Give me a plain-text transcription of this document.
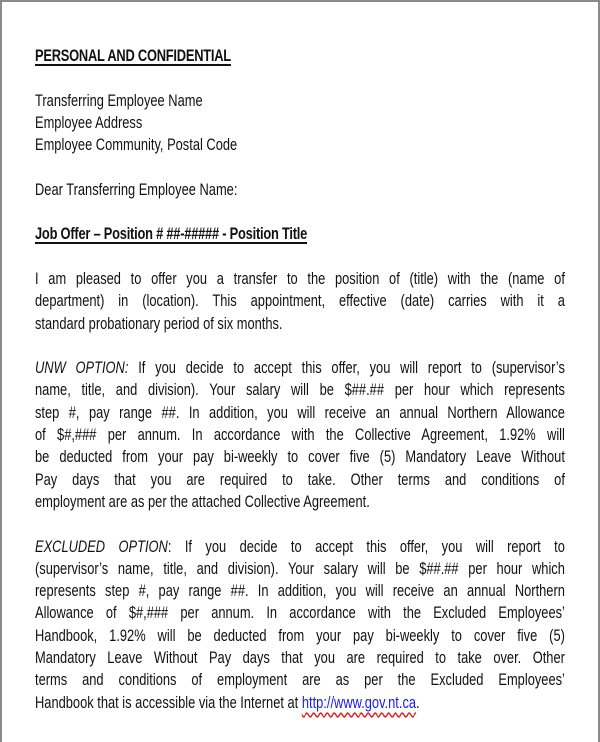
PERSONAL AND CONFIDENTIAL
Transferring Employee Name
Employee Address
Employee Community, Postal Code
Dear Transferring Employee Name:
Job Offer – Position # ##-##### - Position Title
I am pleased to offer you a transfer to the position of (title) with the (name of
department) in (location). This appointment, effective (date) carries with it a
standard probationary period of six months.
UNW OPTION: If you decide to accept this offer, you will report to (supervisor’s
name, title, and division). Your salary will be $##.## per hour which represents
step #, pay range ##. In addition, you will receive an annual Northern Allowance
of $#,### per annum. In accordance with the Collective Agreement, 1.92% will
be deducted from your pay bi-weekly to cover five (5) Mandatory Leave Without
Pay days that you are required to take. Other terms and conditions of
employment are as per the attached Collective Agreement.
EXCLUDED OPTION: If you decide to accept this offer, you will report to
(supervisor’s name, title, and division). Your salary will be $##.## per hour which
represents step #, pay range ##. In addition, you will receive an annual Northern
Allowance of $#,### per annum. In accordance with the Excluded Employees’
Handbook, 1.92% will be deducted from your pay bi-weekly to cover five (5)
Mandatory Leave Without Pay days that you are required to take over. Other
terms and conditions of employment are as per the Excluded Employees’
Handbook that is accessible via the Internet at http://www.gov.nt.ca.
